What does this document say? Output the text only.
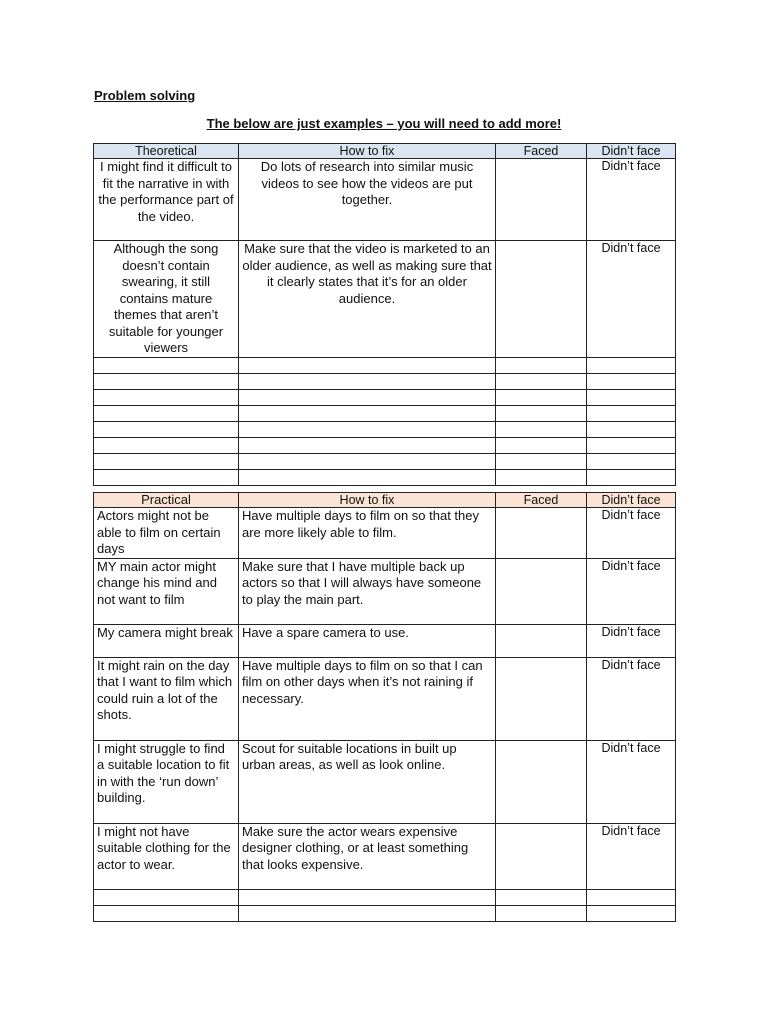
Problem solving
The below are just examples – you will need to add more!
Theoretical	How to fix	Faced	Didn’t face
I might find it difficult to fit the narrative in with the performance part of the video.	Do lots of research into similar music videos to see how the videos are put together.		Didn’t face
Although the song doesn’t contain swearing, it still contains mature themes that aren’t suitable for younger viewers	Make sure that the video is marketed to an older audience, as well as making sure that it clearly states that it’s for an older audience.		Didn’t face

Practical	How to fix	Faced	Didn’t face
Actors might not be able to film on certain days	Have multiple days to film on so that they are more likely able to film.		Didn’t face
MY main actor might change his mind and not want to film	Make sure that I have multiple back up actors so that I will always have someone to play the main part.		Didn’t face
My camera might break	Have a spare camera to use.		Didn’t face
It might rain on the day that I want to film which could ruin a lot of the shots.	Have multiple days to film on so that I can film on other days when it’s not raining if necessary.		Didn’t face
I might struggle to find a suitable location to fit in with the ‘run down’ building.	Scout for suitable locations in built up urban areas, as well as look online.		Didn’t face
I might not have suitable clothing for the actor to wear.	Make sure the actor wears expensive designer clothing, or at least something that looks expensive.		Didn’t face
